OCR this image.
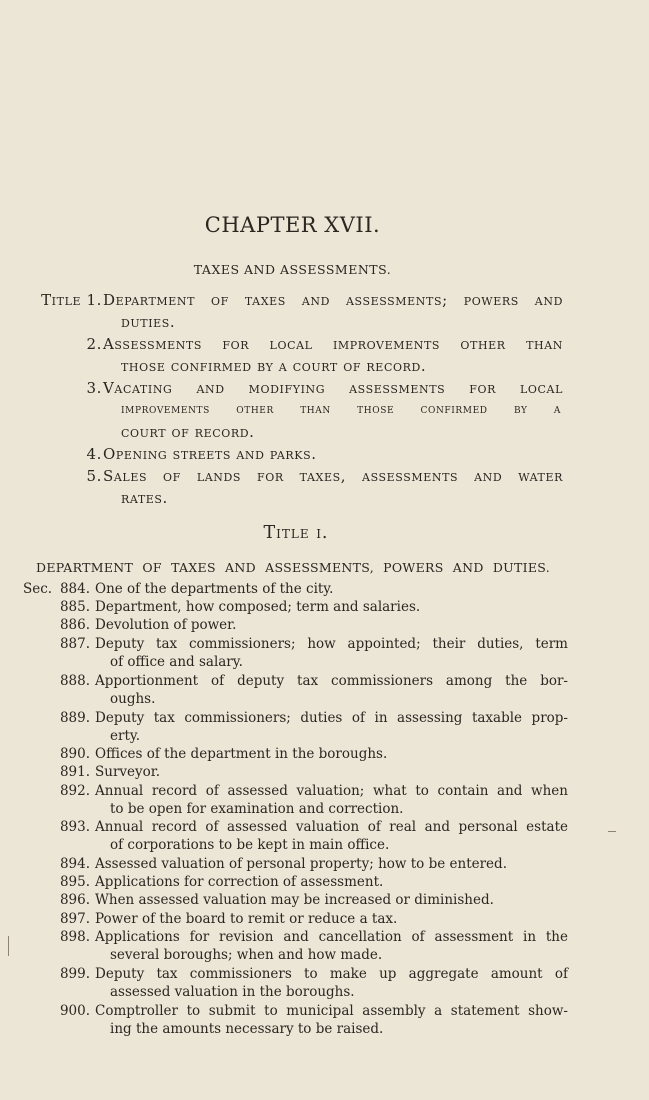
CHAPTER XVII.
TAXES AND ASSESSMENTS.
Title 1. Department of taxes and assessments; powers and
duties.
2. Assessments for local improvements other than
those confirmed by a court of record.
3. Vacating and modifying assessments for local
improvements other than those confirmed by a
court of record.
4. Opening streets and parks.
5. Sales of lands for taxes, assessments and water
rates.
Title i.
DEPARTMENT OF TAXES AND ASSESSMENTS, POWERS AND DUTIES.
Sec. 884. One of the departments of the city.
885. Department, how composed; term and salaries.
886. Devolution of power.
887. Deputy tax commissioners; how appointed; their duties, term
of office and salary.
888. Apportionment of deputy tax commissioners among the bor-
oughs.
889. Deputy tax commissioners; duties of in assessing taxable prop-
erty.
890. Offices of the department in the boroughs.
891. Surveyor.
892. Annual record of assessed valuation; what to contain and when
to be open for examination and correction.
893. Annual record of assessed valuation of real and personal estate
of corporations to be kept in main office.
894. Assessed valuation of personal property; how to be entered.
895. Applications for correction of assessment.
896. When assessed valuation may be increased or diminished.
897. Power of the board to remit or reduce a tax.
898. Applications for revision and cancellation of assessment in the
several boroughs; when and how made.
899. Deputy tax commissioners to make up aggregate amount of
assessed valuation in the boroughs.
900. Comptroller to submit to municipal assembly a statement show-
ing the amounts necessary to be raised.
